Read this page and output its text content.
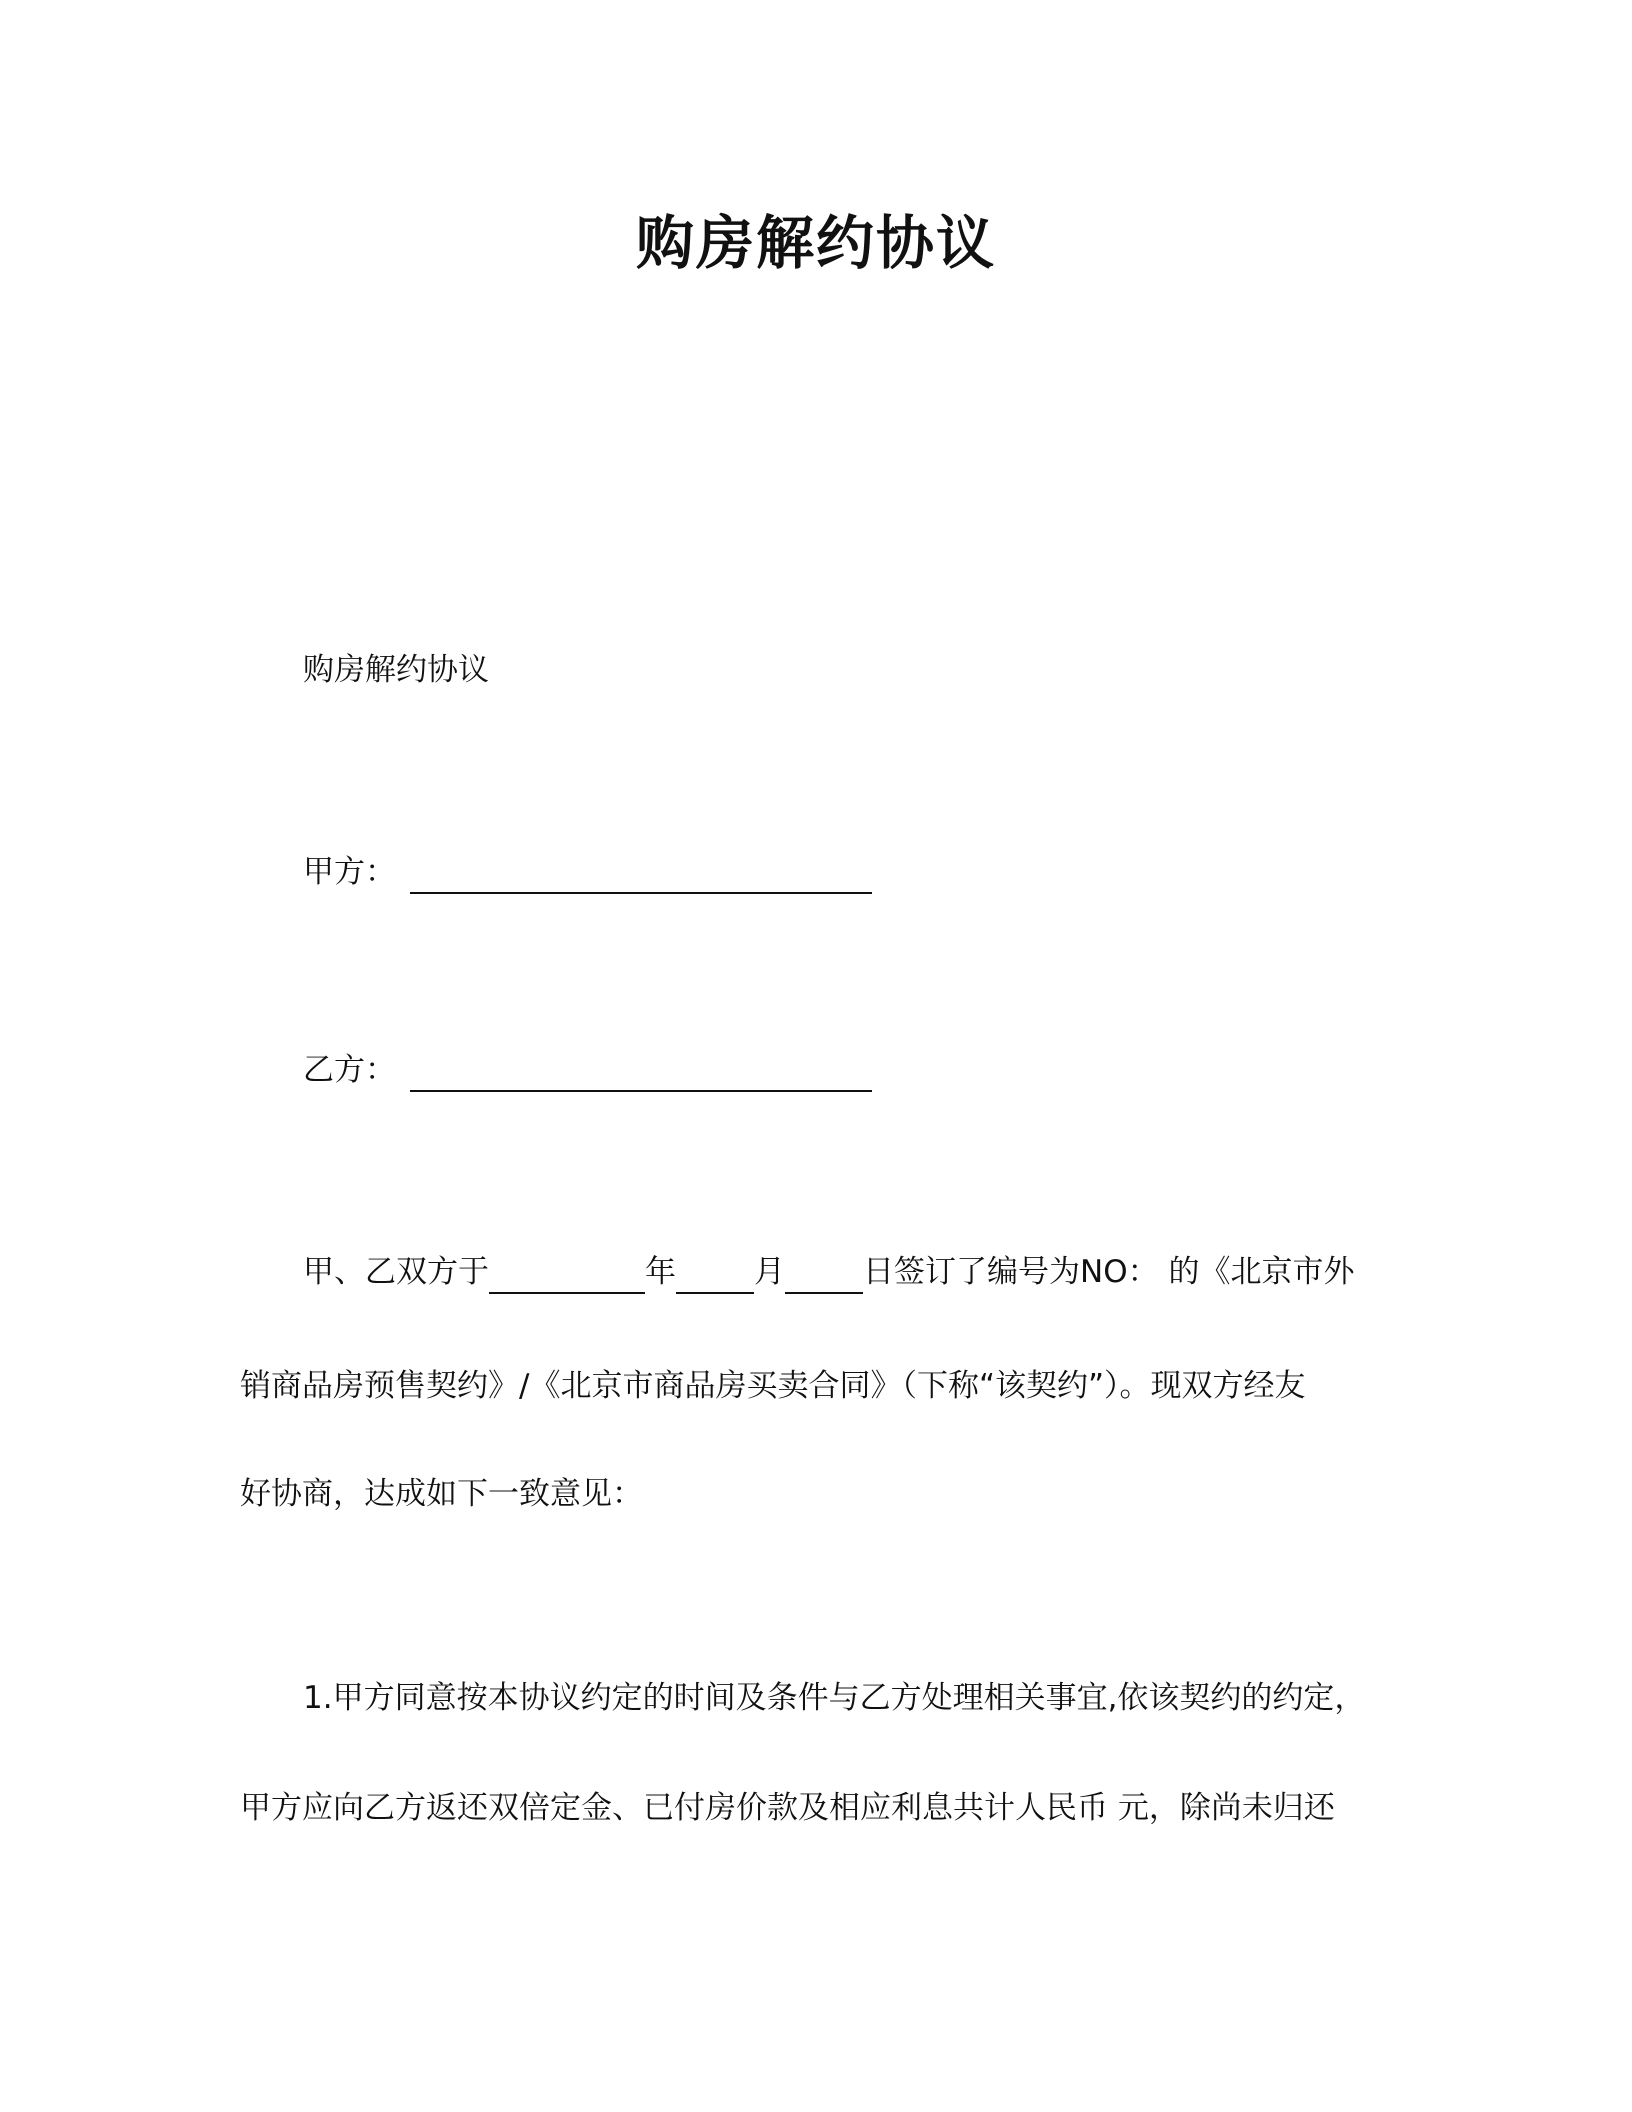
购房解约协议
购房解约协议
甲方：
乙方：
甲、乙双方于	年	月	日签订了编号为NO： 的《北京市外
销商品房预售契约》/《北京市商品房买卖合同》（下称“该契约”）。现双方经友
好协商，达成如下一致意见：
1.甲方同意按本协议约定的时间及条件与乙方处理相关事宜,依该契约的约定，
甲方应向乙方返还双倍定金、已付房价款及相应利息共计人民币 元，除尚未归还
